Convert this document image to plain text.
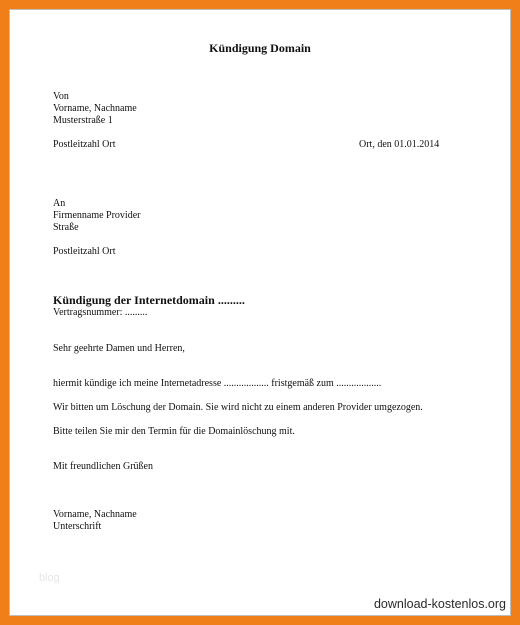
Kündigung Domain
Von
Vorname, Nachname
Musterstraße 1
Postleitzahl Ort	Ort, den 01.01.2014
An
Firmenname Provider
Straße
Postleitzahl Ort
Kündigung der Internetdomain .........
Vertragsnummer: .........
Sehr geehrte Damen und Herren,
hiermit kündige ich meine Internetadresse .................. fristgemäß zum ..................
Wir bitten um Löschung der Domain. Sie wird nicht zu einem anderen Provider umgezogen.
Bitte teilen Sie mir den Termin für die Domainlöschung mit.
Mit freundlichen Grüßen
Vorname, Nachname
Unterschrift
blog
download-kostenlos.org
